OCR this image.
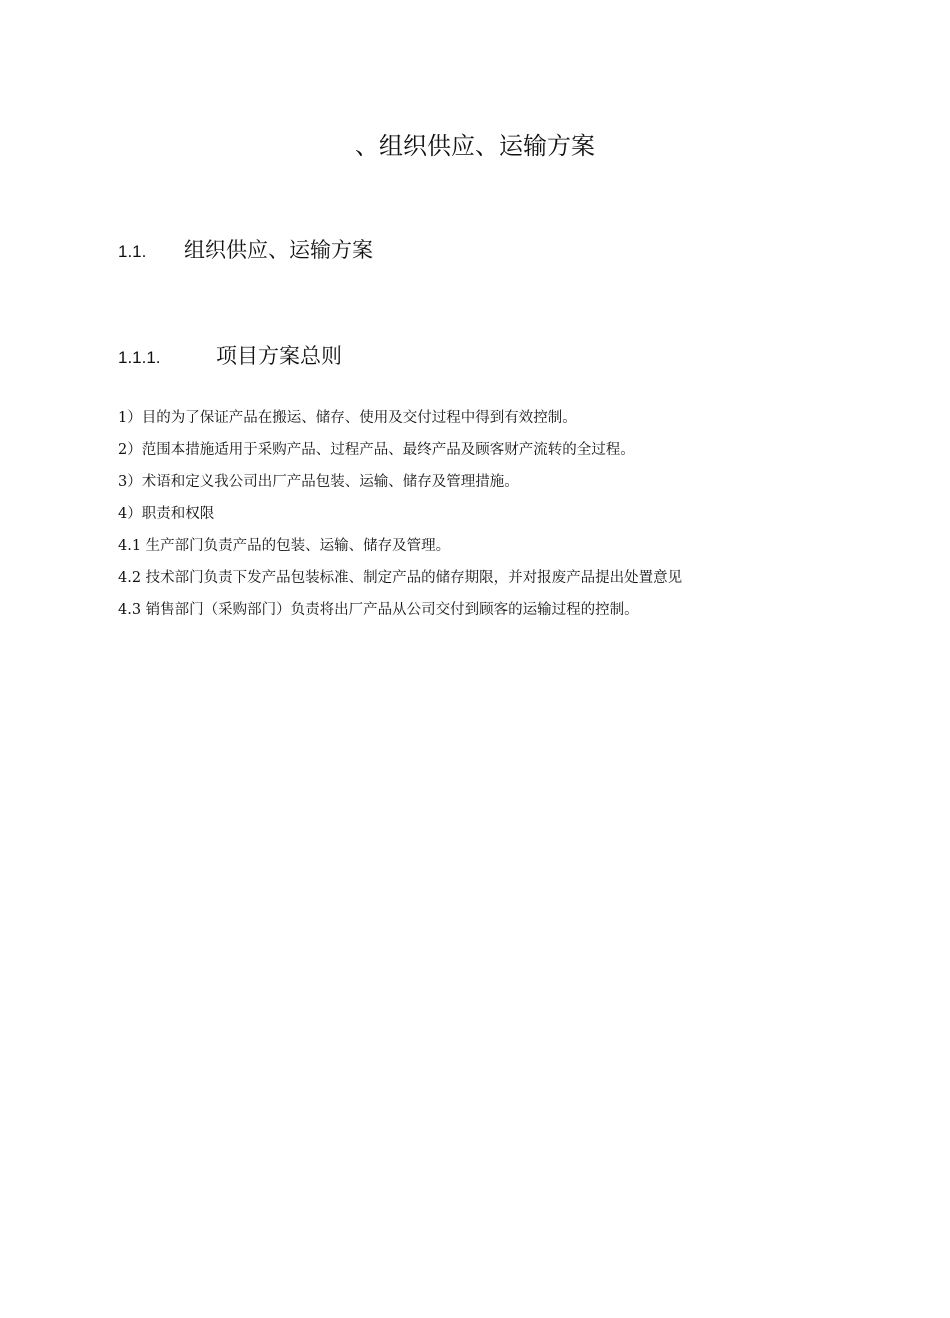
、组织供应、运输方案
1.1. 组织供应、运输方案
1.1.1.	项目方案总则
1）目的为了保证产品在搬运、储存、使用及交付过程中得到有效控制。
2）范围本措施适用于采购产品、过程产品、最终产品及顾客财产流转的全过程。
3）术语和定义我公司出厂产品包装、运输、储存及管理措施。
4）职责和权限
4.1 生产部门负责产品的包装、运输、储存及管理。
4.2 技术部门负责下发产品包装标准、制定产品的储存期限，并对报废产品提出处置意见
4.3 销售部门（采购部门）负责将出厂产品从公司交付到顾客的运输过程的控制。
